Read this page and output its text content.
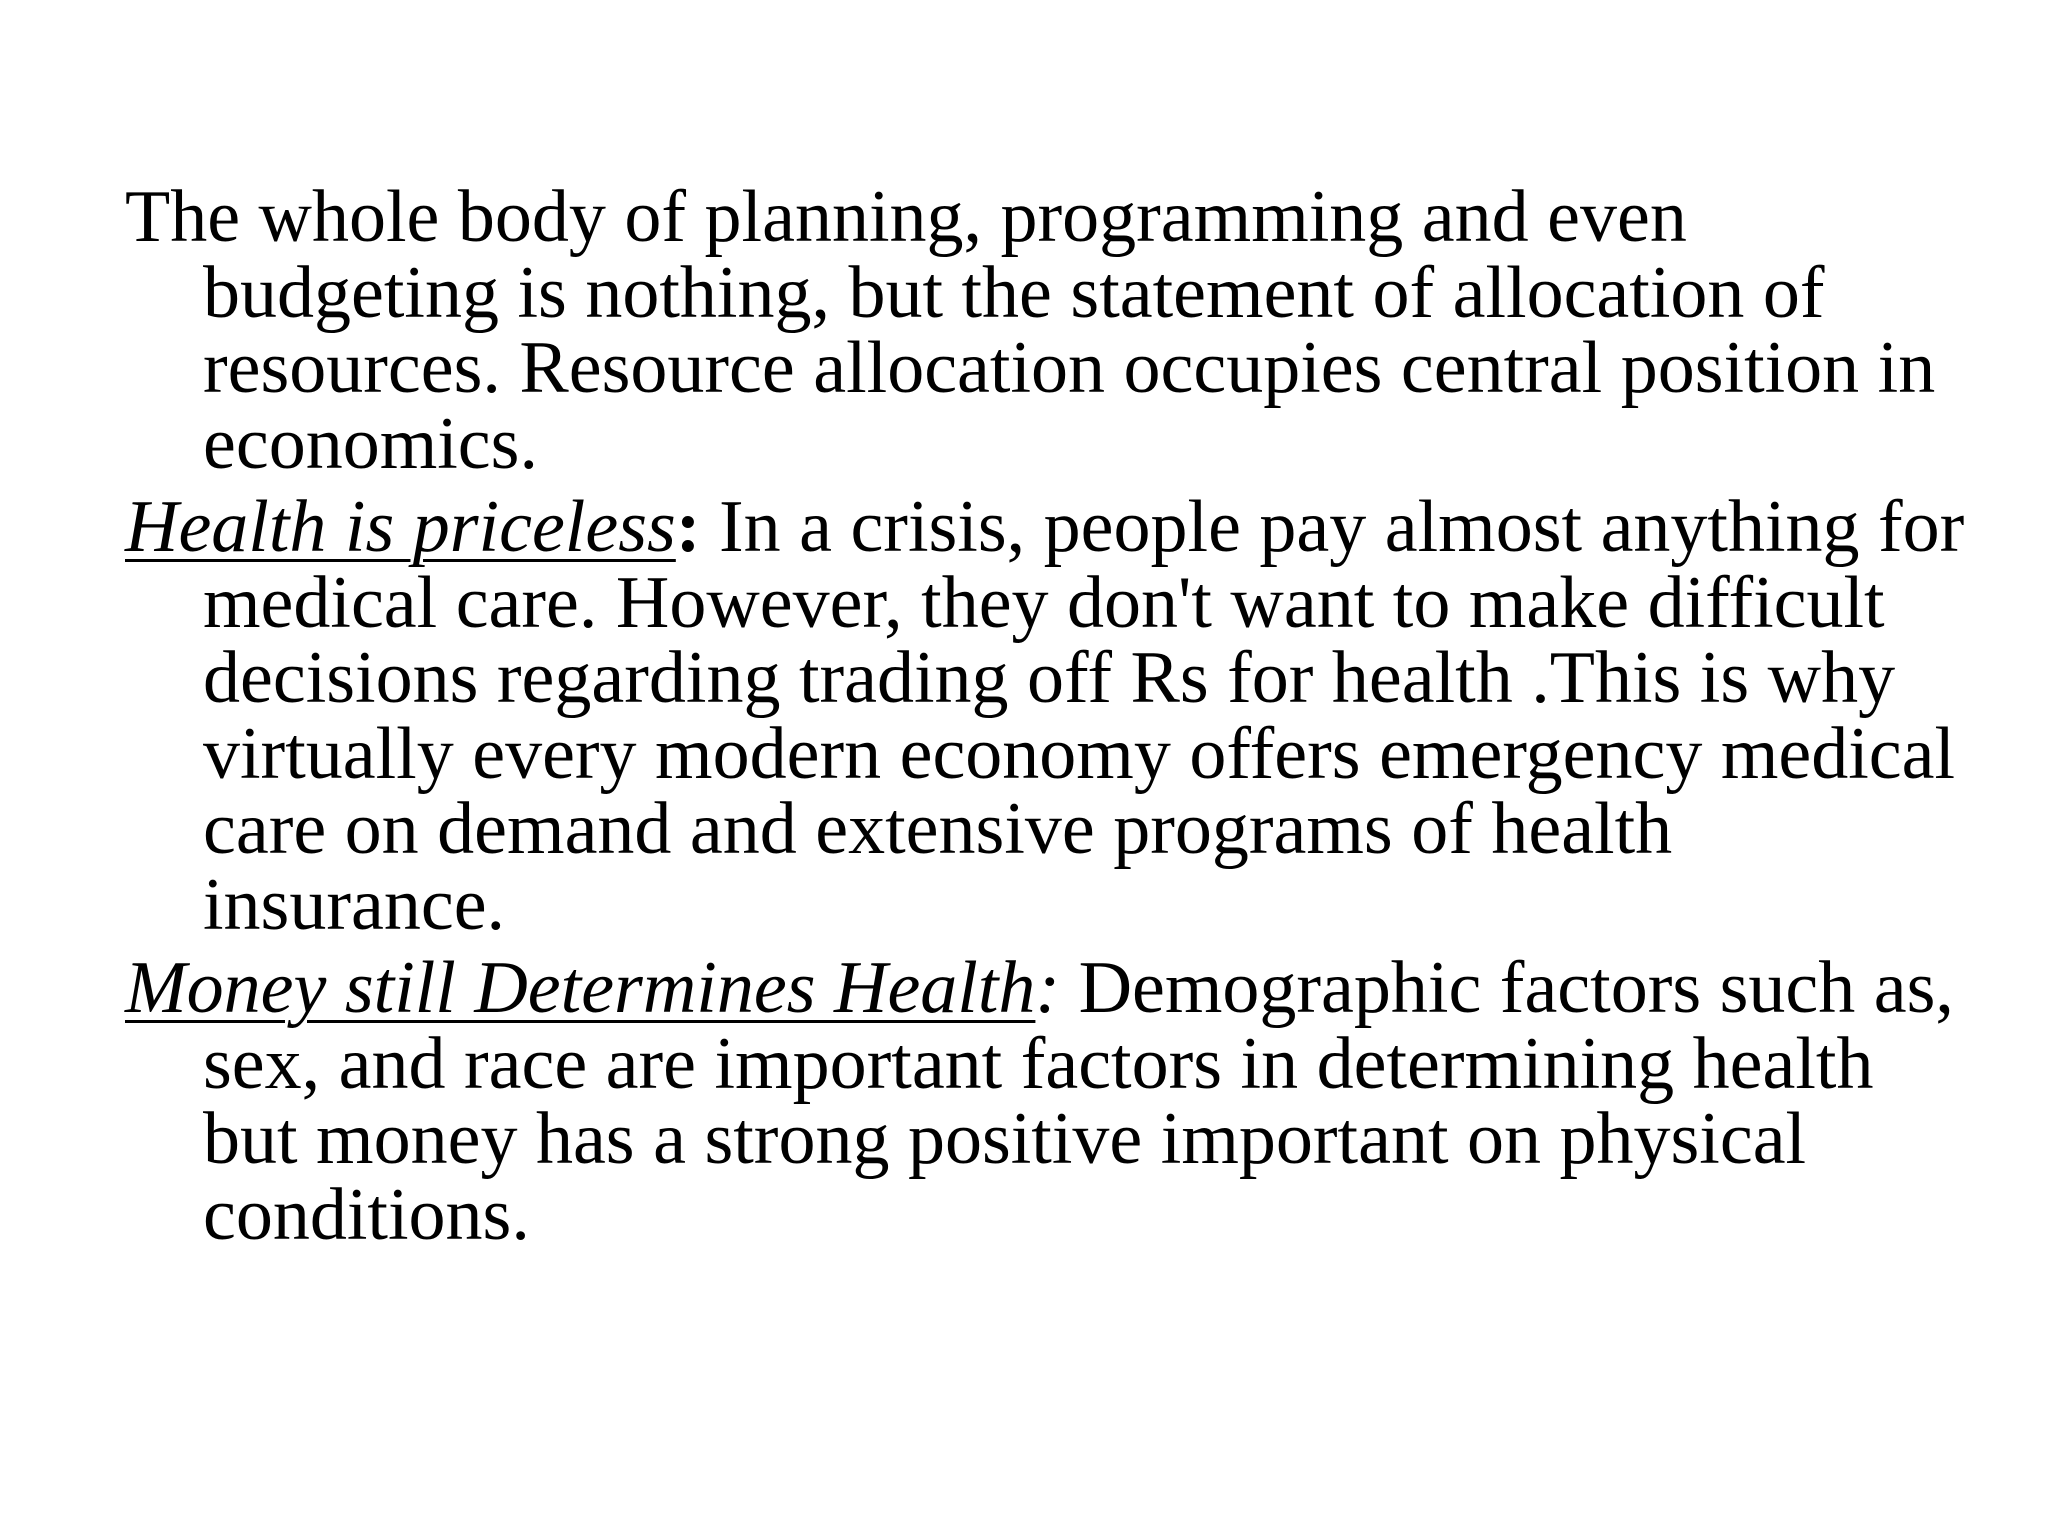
The whole body of planning, programming and even budgeting is nothing, but the statement of allocation of resources. Resource allocation occupies central position in economics.

Health is priceless: In a crisis, people pay almost anything for medical care. However, they don't want to make difficult decisions regarding trading off Rs for health .This is why virtually every modern economy offers emergency medical care on demand and extensive programs of health insurance.

Money still Determines Health: Demographic factors such as, sex, and race are important factors in determining health but money has a strong positive important on physical conditions.
